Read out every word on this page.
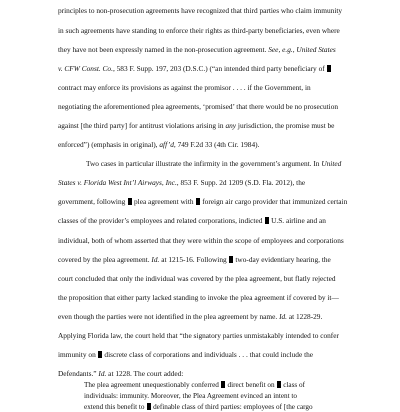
principles to non-prosecution agreements have recognized that third parties who claim immunity
in such agreements have standing to enforce their rights as third-party beneficiaries, even where
they have not been expressly named in the non-prosecution agreement. See, e.g., United States
v. CFW Const. Co., 583 F. Supp. 197, 203 (D.S.C.) (“an intended third party beneficiary of
contract may enforce its provisions as against the promisor . . . . if the Government, in
negotiating the aforementioned plea agreements, ‘promised’ that there would be no prosecution
against [the third party] for antitrust violations arising in any jurisdiction, the promise must be
enforced”) (emphasis in original), aff’d, 749 F.2d 33 (4th Cir. 1984).
Two cases in particular illustrate the infirmity in the government’s argument. In United
States v. Florida West Int’l Airways, Inc., 853 F. Supp. 2d 1209 (S.D. Fla. 2012), the
government, following  plea agreement with  foreign air cargo provider that immunized certain
classes of the provider’s employees and related corporations, indicted  U.S. airline and an
individual, both of whom asserted that they were within the scope of employees and corporations
covered by the plea agreement. Id. at 1215-16. Following  two-day evidentiary hearing, the
court concluded that only the individual was covered by the plea agreement, but flatly rejected
the proposition that either party lacked standing to invoke the plea agreement if covered by it—
even though the parties were not identified in the plea agreement by name. Id. at 1228-29.
Applying Florida law, the court held that “the signatory parties unmistakably intended to confer
immunity on  discrete class of corporations and individuals . . . that could include the
Defendants.” Id. at 1228. The court added:
The plea agreement unequestionably conferred  direct benefit on  class of
individuals: immunity. Moreover, the Plea Agreement evinced an intent to
extend this benefit to  definable class of third parties: employees of [the cargo
